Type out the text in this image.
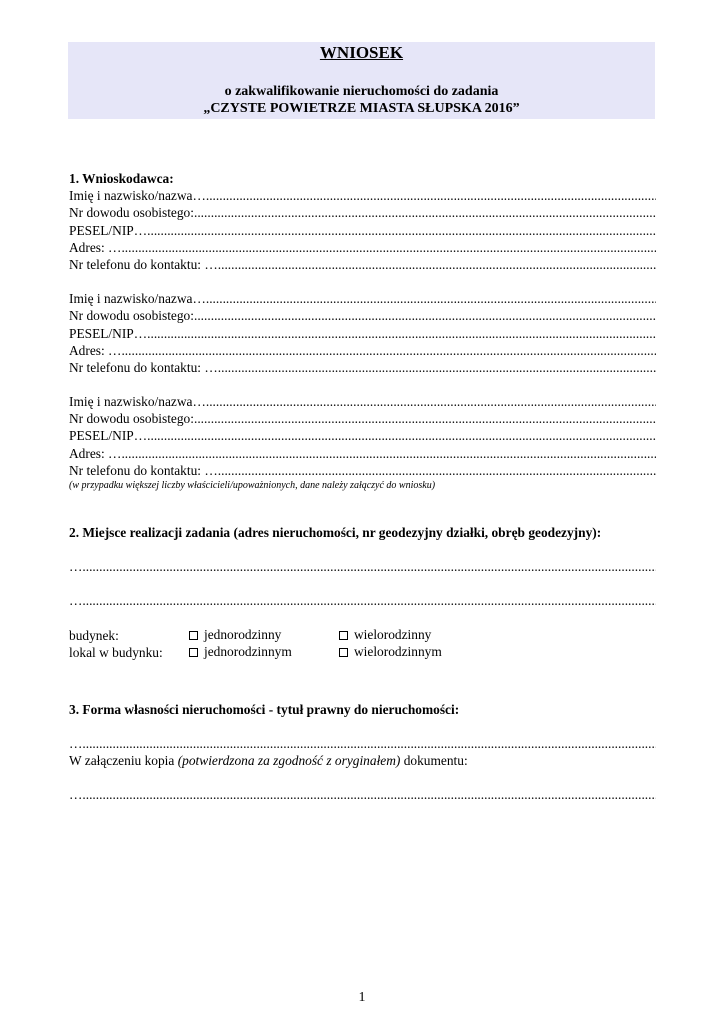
WNIOSEK
o zakwalifikowanie nieruchomości do zadania
„CZYSTE POWIETRZE MIASTA SŁUPSKA 2016”
1. Wnioskodawca:
Imię i nazwisko/nazwa…
.....
Nr dowodu osobistego:
.....
PESEL/NIP…
.....
Adres: …
.....
Nr telefonu do kontaktu: …
.....
Imię i nazwisko/nazwa…
.....
Nr dowodu osobistego:
.....
PESEL/NIP…
.....
Adres: …
.....
Nr telefonu do kontaktu: …
.....
Imię i nazwisko/nazwa…
.....
Nr dowodu osobistego:
.....
PESEL/NIP…
.....
Adres: …
.....
Nr telefonu do kontaktu: …
.....
(w przypadku większej liczby właścicieli/upoważnionych, dane należy załączyć do wniosku)
2. Miejsce realizacji zadania (adres nieruchomości, nr geodezyjny działki, obręb geodezyjny):
…
.....
…
.....
budynek:	jednorodzinny	wielorodzinny
lokal w budynku:	jednorodzinnym	wielorodzinnym
3. Forma własności nieruchomości - tytuł prawny do nieruchomości:
…
.....
W załączeniu kopia (potwierdzona za zgodność z oryginałem) dokumentu:
…
.....
1
